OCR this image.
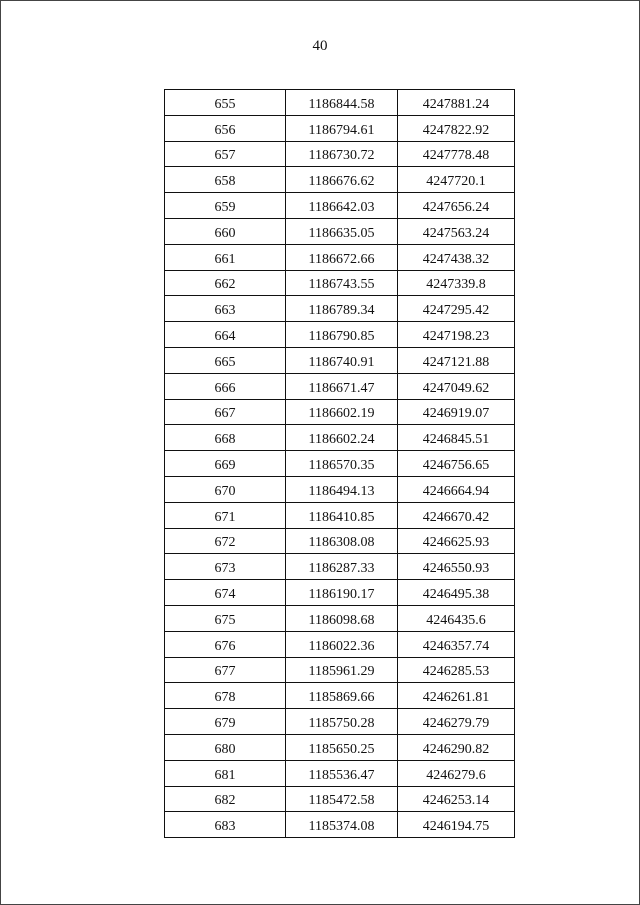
40
655	1186844.58	4247881.24
656	1186794.61	4247822.92
657	1186730.72	4247778.48
658	1186676.62	4247720.1
659	1186642.03	4247656.24
660	1186635.05	4247563.24
661	1186672.66	4247438.32
662	1186743.55	4247339.8
663	1186789.34	4247295.42
664	1186790.85	4247198.23
665	1186740.91	4247121.88
666	1186671.47	4247049.62
667	1186602.19	4246919.07
668	1186602.24	4246845.51
669	1186570.35	4246756.65
670	1186494.13	4246664.94
671	1186410.85	4246670.42
672	1186308.08	4246625.93
673	1186287.33	4246550.93
674	1186190.17	4246495.38
675	1186098.68	4246435.6
676	1186022.36	4246357.74
677	1185961.29	4246285.53
678	1185869.66	4246261.81
679	1185750.28	4246279.79
680	1185650.25	4246290.82
681	1185536.47	4246279.6
682	1185472.58	4246253.14
683	1185374.08	4246194.75
